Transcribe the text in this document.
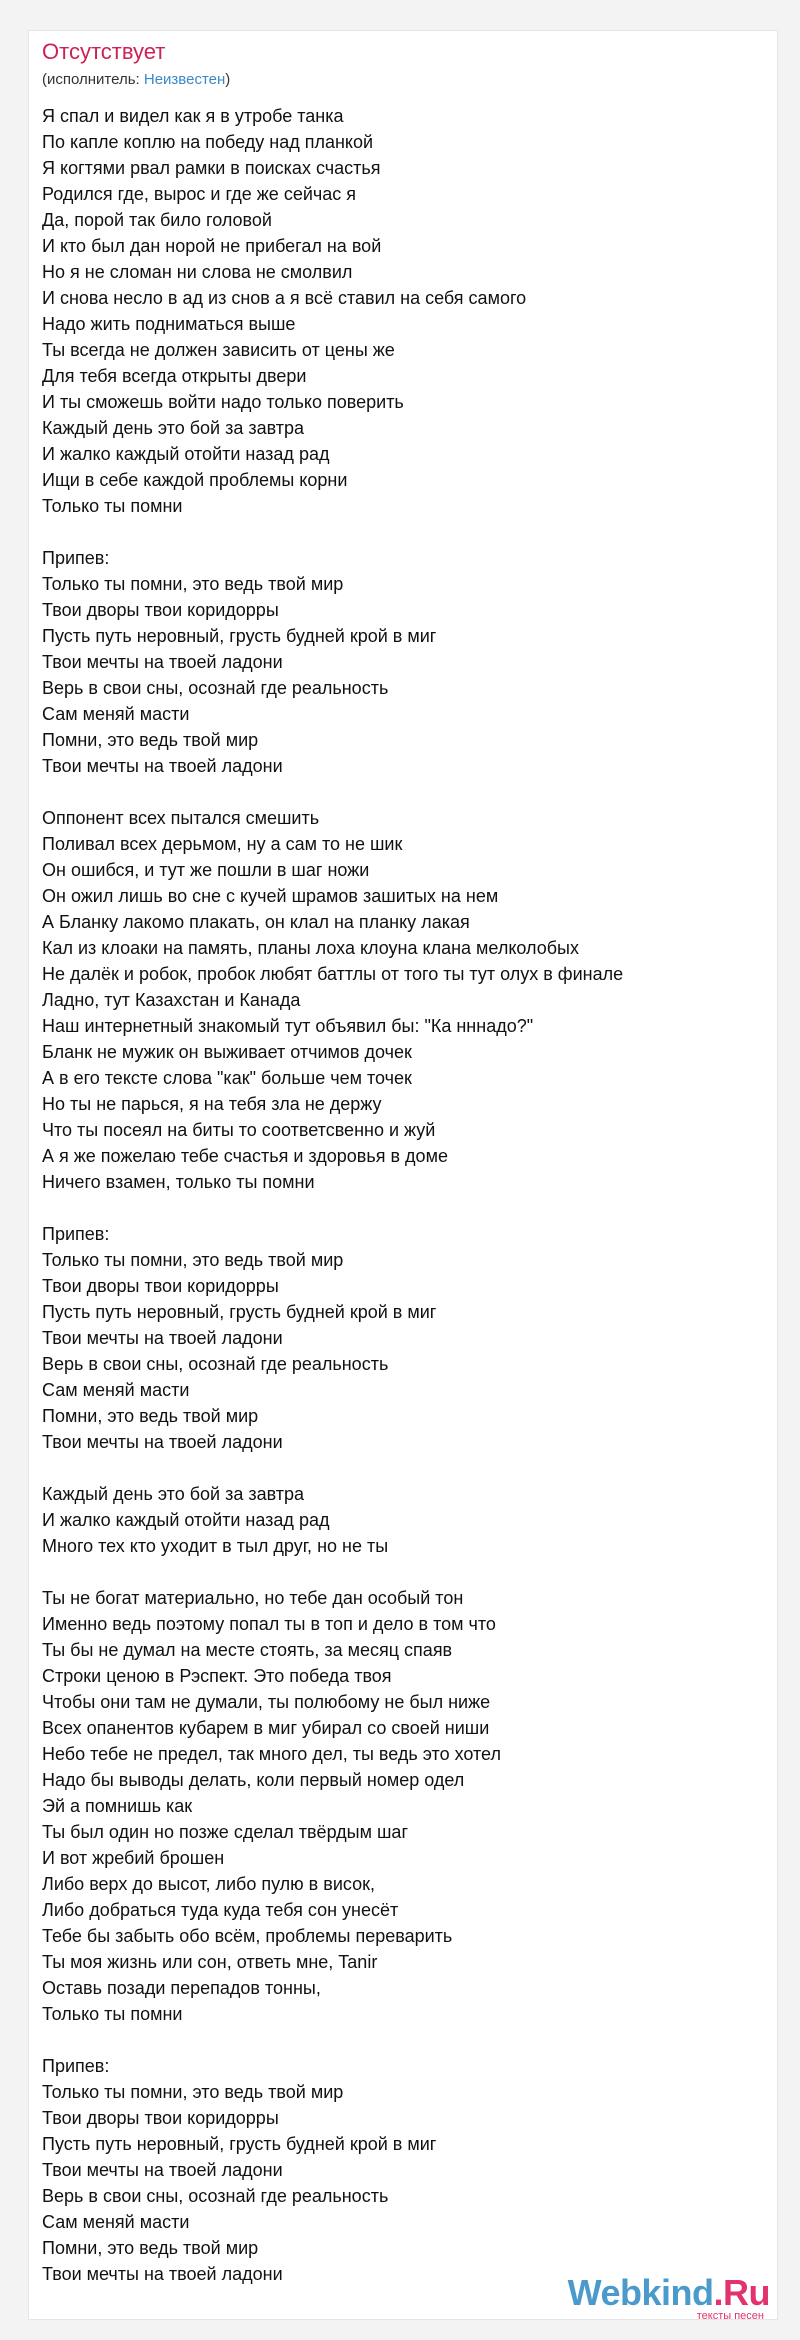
Отсутствует
(исполнитель: Неизвестен)
Я спал и видел как я в утробе танка
По капле коплю на победу над планкой
Я когтями рвал рамки в поисках счастья
Родился где, вырос и где же сейчас я
Да, порой так било головой
И кто был дан норой не прибегал на вой
Но я не сломан ни слова не смолвил
И снова несло в ад из снов а я всё ставил на себя самого
Надо жить подниматься выше
Ты всегда не должен зависить от цены же
Для тебя всегда открыты двери
И ты сможешь войти надо только поверить
Каждый день это бой за завтра
И жалко каждый отойти назад рад
Ищи в себе каждой проблемы корни
Только ты помни
Припев:
Только ты помни, это ведь твой мир
Твои дворы твои коридорры
Пусть путь неровный, грусть будней крой в миг
Твои мечты на твоей ладони
Верь в свои сны, осознай где реальность
Сам меняй масти
Помни, это ведь твой мир
Твои мечты на твоей ладони
Оппонент всех пытался смешить
Поливал всех дерьмом, ну а сам то не шик
Он ошибся, и тут же пошли в шаг ножи
Он ожил лишь во сне с кучей шрамов зашитых на нем
А Бланку лакомо плакать, он клал на планку лакая
Кал из клоаки на память, планы лоха клоуна клана мелколобых
Не далёк и робок, пробок любят баттлы от того ты тут олух в финале
Ладно, тут Казахстан и Канада
Наш интернетный знакомый тут объявил бы: "Ка нннадо?"
Бланк не мужик он выживает отчимов дочек
А в его тексте слова "как" больше чем точек
Но ты не парься, я на тебя зла не держу
Что ты посеял на биты то соответсвенно и жуй
А я же пожелаю тебе счастья и здоровья в доме
Ничего взамен, только ты помни
Припев:
Только ты помни, это ведь твой мир
Твои дворы твои коридорры
Пусть путь неровный, грусть будней крой в миг
Твои мечты на твоей ладони
Верь в свои сны, осознай где реальность
Сам меняй масти
Помни, это ведь твой мир
Твои мечты на твоей ладони
Каждый день это бой за завтра
И жалко каждый отойти назад рад
Много тех кто уходит в тыл друг, но не ты
Ты не богат материально, но тебе дан особый тон
Именно ведь поэтому попал ты в топ и дело в том что
Ты бы не думал на месте стоять, за месяц спаяв
Строки ценою в Рэспект. Это победа твоя
Чтобы они там не думали, ты полюбому не был ниже
Всех опанентов кубарем в миг убирал со своей ниши
Небо тебе не предел, так много дел, ты ведь это хотел
Надо бы выводы делать, коли первый номер одел
Эй а помнишь как
Ты был один но позже сделал твёрдым шаг
И вот жребий брошен
Либо верх до высот, либо пулю в висок,
Либо добраться туда куда тебя сон унесёт
Тебе бы забыть обо всём, проблемы переварить
Ты моя жизнь или сон, ответь мне, Tanir
Оставь позади перепадов тонны,
Только ты помни
Припев:
Только ты помни, это ведь твой мир
Твои дворы твои коридорры
Пусть путь неровный, грусть будней крой в миг
Твои мечты на твоей ладони
Верь в свои сны, осознай где реальность
Сам меняй масти
Помни, это ведь твой мир
Твои мечты на твоей ладони	Webkind.Ru
тексты песен
